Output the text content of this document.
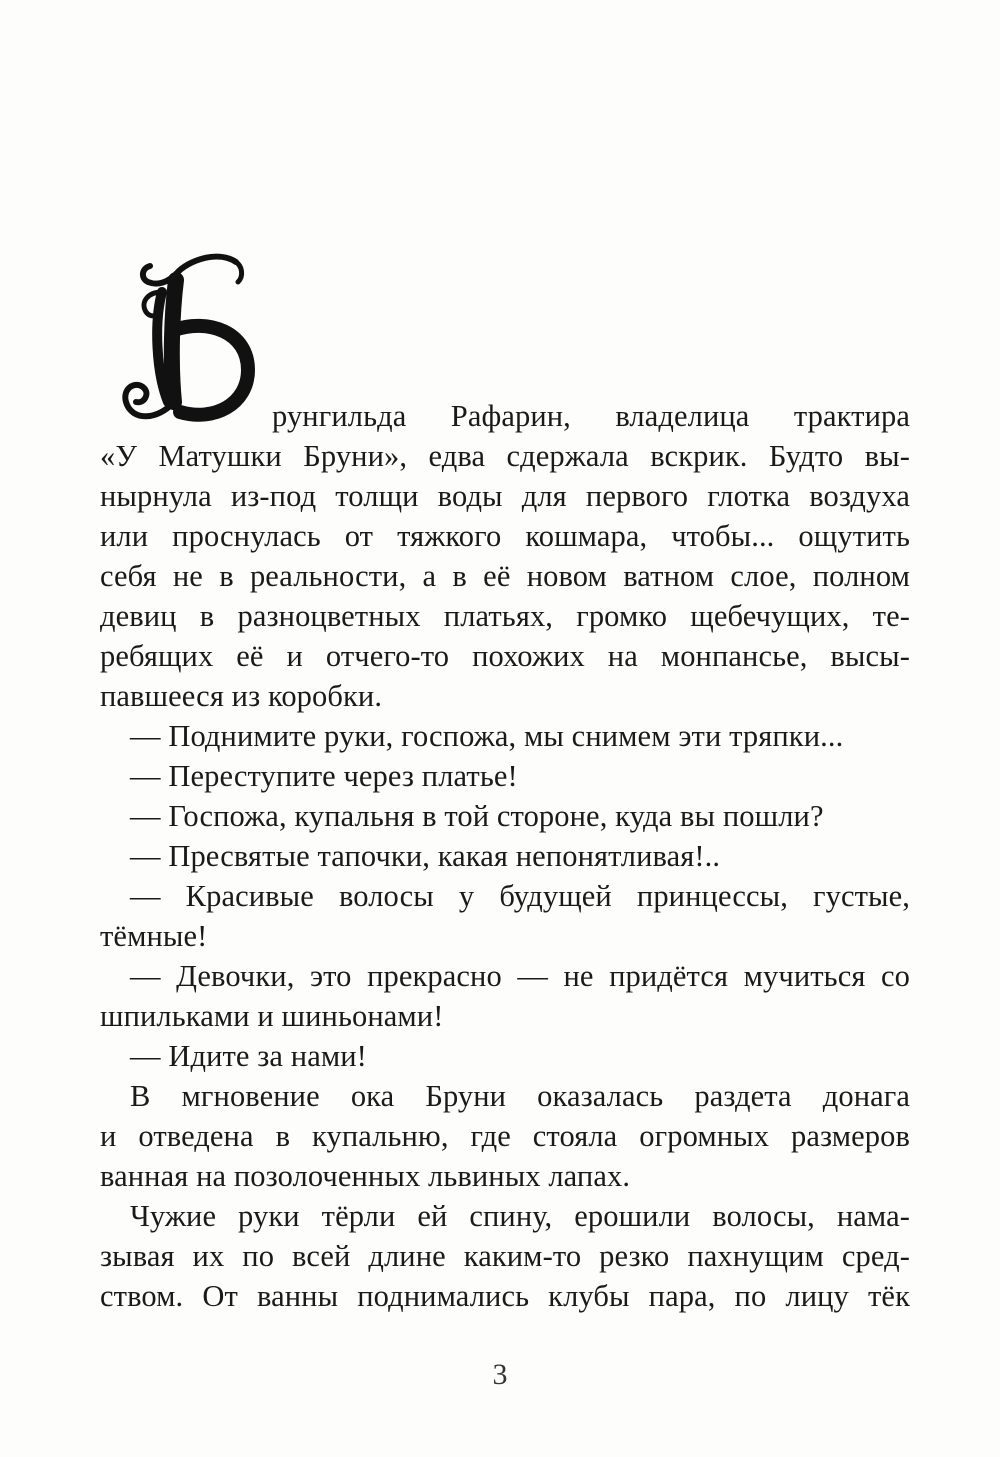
рунгильда Рафарин, владелица трактира
«У Матушки Бруни», едва сдержала вскрик. Будто вы-
нырнула из-под толщи воды для первого глотка воздуха
или проснулась от тяжкого кошмара, чтобы... ощутить
себя не в реальности, а в её новом ватном слое, полном
девиц в разноцветных платьях, громко щебечущих, те-
ребящих её и отчего-то похожих на монпансье, высы-
павшееся из коробки.
— Поднимите руки, госпожа, мы снимем эти тряпки...
— Переступите через платье!
— Госпожа, купальня в той стороне, куда вы пошли?
— Пресвятые тапочки, какая непонятливая!..
— Красивые волосы у будущей принцессы, густые,
тёмные!
— Девочки, это прекрасно — не придётся мучиться со
шпильками и шиньонами!
— Идите за нами!
В мгновение ока Бруни оказалась раздета донага
и отведена в купальню, где стояла огромных размеров
ванная на позолоченных львиных лапах.
Чужие руки тёрли ей спину, ерошили волосы, нама-
зывая их по всей длине каким-то резко пахнущим сред-
ством. От ванны поднимались клубы пара, по лицу тёк
3
